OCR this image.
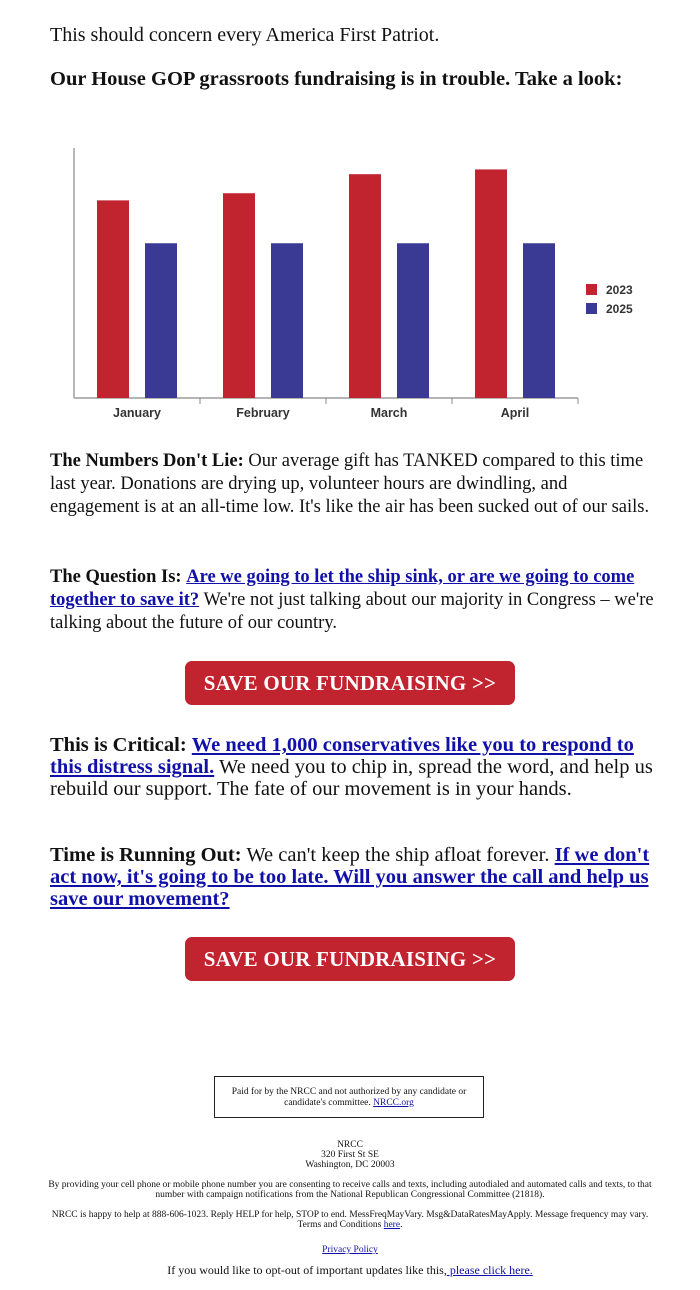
This should concern every America First Patriot.

Our House GOP grassroots fundraising is in trouble. Take a look:

January	February	March	April
2023
2025

The Numbers Don't Lie: Our average gift has TANKED compared to this time last year. Donations are drying up, volunteer hours are dwindling, and engagement is at an all-time low. It's like the air has been sucked out of our sails.

The Question Is: Are we going to let the ship sink, or are we going to come together to save it? We're not just talking about our majority in Congress – we're talking about the future of our country.

SAVE OUR FUNDRAISING >>

This is Critical: We need 1,000 conservatives like you to respond to this distress signal. We need you to chip in, spread the word, and help us rebuild our support. The fate of our movement is in your hands.

Time is Running Out: We can't keep the ship afloat forever. If we don't act now, it's going to be too late. Will you answer the call and help us save our movement?

SAVE OUR FUNDRAISING >>
Paid for by the NRCC and not authorized by any candidate or candidate's committee. NRCC.org
NRCC
320 First St SE
Washington, DC 20003

By providing your cell phone or mobile phone number you are consenting to receive calls and texts, including autodialed and automated calls and texts, to that number with campaign notifications from the National Republican Congressional Committee (21818).

NRCC is happy to help at 888-606-1023. Reply HELP for help, STOP to end. MessFreqMayVary. Msg&DataRatesMayApply. Message frequency may vary. Terms and Conditions here.

Privacy Policy

If you would like to opt-out of important updates like this, please click here.
